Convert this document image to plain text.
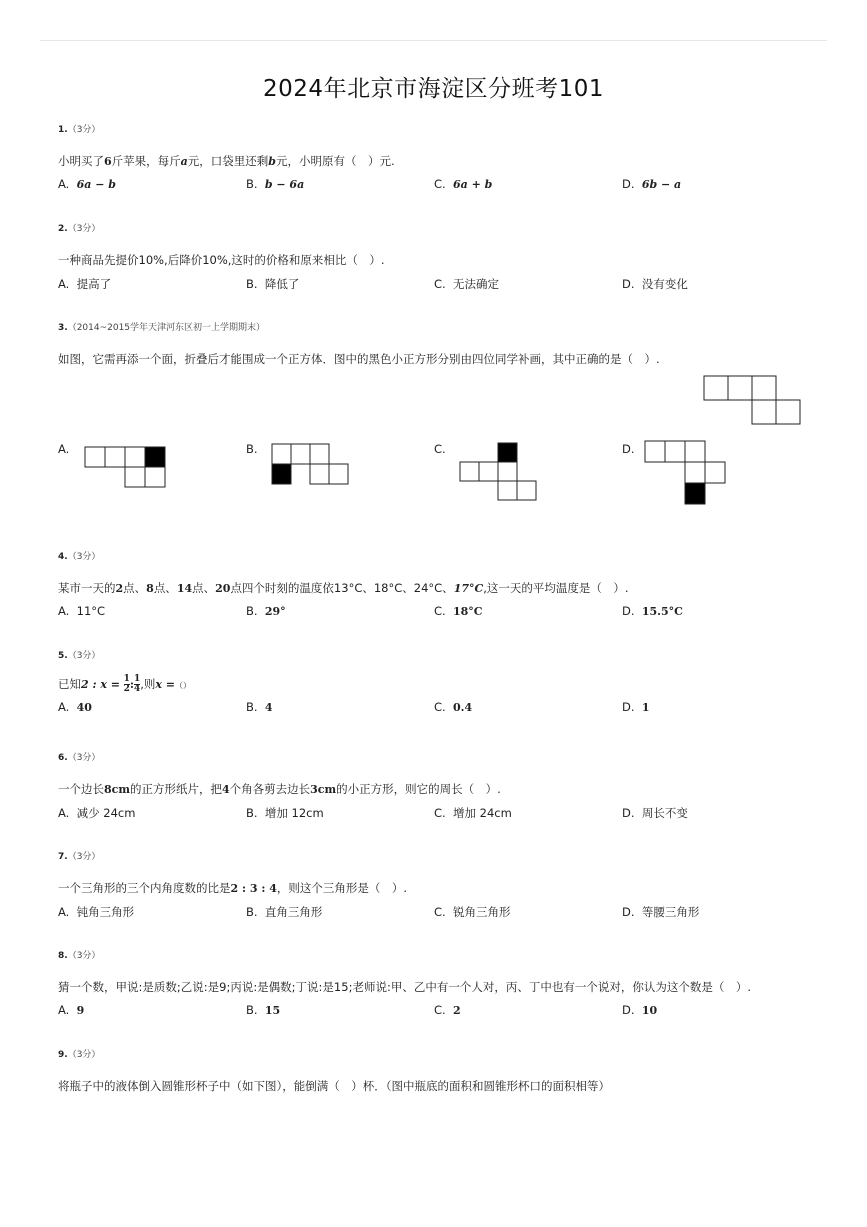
2024年北京市海淀区分班考101
1.（3分）
小明买了6斤苹果，每斤a元，口袋里还剩b元，小明原有（　）元.
A. 6a − b	B. b − 6a	C. 6a + b	D. 6b − a
2.（3分）
一种商品先提价10%,后降价10%,这时的价格和原来相比（　）.
A. 提高了	B. 降低了	C. 无法确定	D. 没有变化
3.（2014~2015学年天津河东区初一上学期期末）
如图，它需再添一个面，折叠后才能围成一个正方体．图中的黑色小正方形分别由四位同学补画，其中正确的是（　）.
A.	B.	C.	D.
4.（3分）
某市一天的2点、8点、14点、20点四个时刻的温度依13°C、18°C、24°C、17°C,这一天的平均温度是（　）.
A. 11°C	B. 29°	C. 18°C	D. 15.5°C
5.（3分）
已知2 : $x = \frac{1}{2}$ : $\frac{1}{4}$ ,则x =（）
A. 40	B. 4	C. 0.4	D. 1
6.（3分）
一个边长8cm的正方形纸片，把4个角各剪去边长3cm的小正方形，则它的周长（　）.
A. 减少 24cm	B. 增加 12cm	C. 增加 24cm	D. 周长不变
7.（3分）
一个三角形的三个内角度数的比是2 : 3 : 4，则这个三角形是（　）.
A. 钝角三角形	B. 直角三角形	C. 锐角三角形	D. 等腰三角形
8.（3分）
猜一个数，甲说:是质数;乙说:是9;丙说:是偶数;丁说:是15;老师说:甲、乙中有一个人对，丙、丁中也有一个说对，你认为这个数是（　）.
A. 9	B. 15	C. 2	D. 10
9.（3分）
将瓶子中的液体倒入圆锥形杯子中（如下图），能倒满（　）杯．（图中瓶底的面积和圆锥形杯口的面积相等）
